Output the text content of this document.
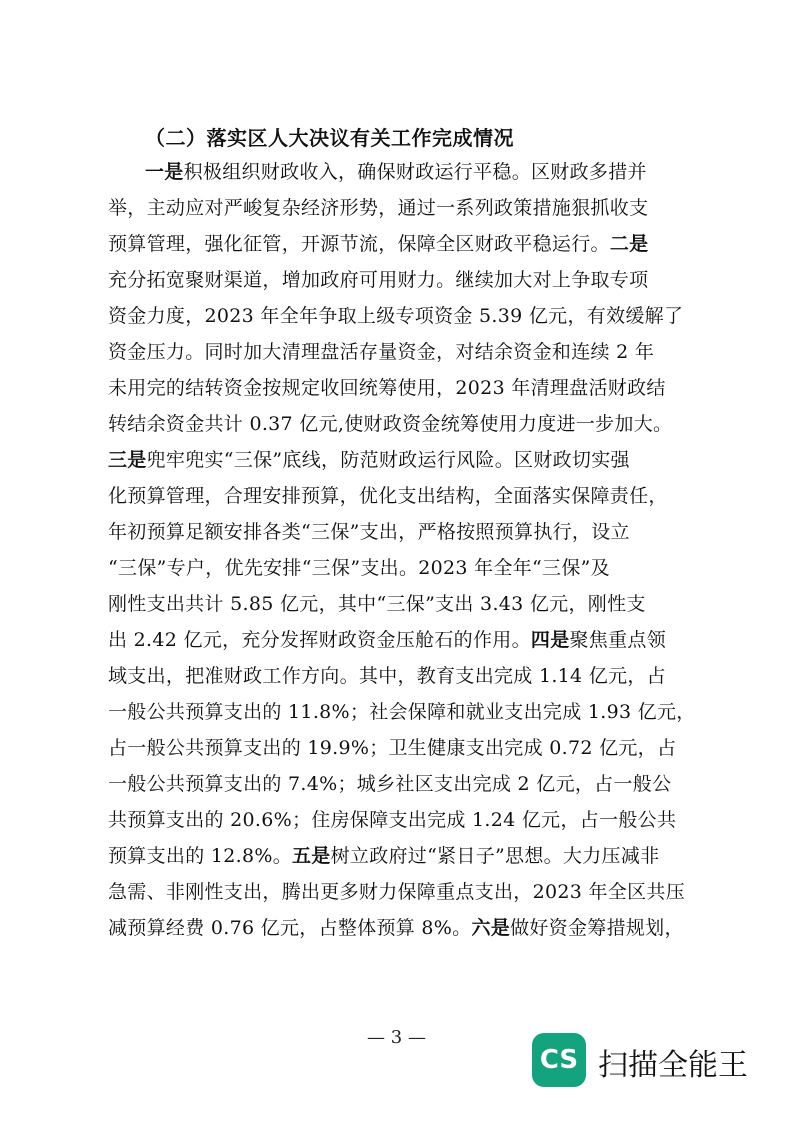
（二）落实区人大决议有关工作完成情况
一是积极组织财政收入，确保财政运行平稳。区财政多措并
举，主动应对严峻复杂经济形势，通过一系列政策措施狠抓收支
预算管理，强化征管，开源节流，保障全区财政平稳运行。二是
充分拓宽聚财渠道，增加政府可用财力。继续加大对上争取专项
资金力度，2023 年全年争取上级专项资金 5.39 亿元，有效缓解了
资金压力。同时加大清理盘活存量资金，对结余资金和连续 2 年
未用完的结转资金按规定收回统筹使用，2023 年清理盘活财政结
转结余资金共计 0.37 亿元,使财政资金统筹使用力度进一步加大。
三是兜牢兜实“三保”底线，防范财政运行风险。区财政切实强
化预算管理，合理安排预算，优化支出结构，全面落实保障责任，
年初预算足额安排各类“三保”支出，严格按照预算执行，设立
“三保”专户，优先安排“三保”支出。2023 年全年“三保”及
刚性支出共计 5.85 亿元，其中“三保”支出 3.43 亿元，刚性支
出 2.42 亿元，充分发挥财政资金压舱石的作用。四是聚焦重点领
域支出，把准财政工作方向。其中，教育支出完成 1.14 亿元，占
一般公共预算支出的 11.8%；社会保障和就业支出完成 1.93 亿元，
占一般公共预算支出的 19.9%；卫生健康支出完成 0.72 亿元，占
一般公共预算支出的 7.4%；城乡社区支出完成 2 亿元，占一般公
共预算支出的 20.6%；住房保障支出完成 1.24 亿元，占一般公共
预算支出的 12.8%。五是树立政府过“紧日子”思想。大力压减非
急需、非刚性支出，腾出更多财力保障重点支出，2023 年全区共压
减预算经费 0.76 亿元，占整体预算 8%。六是做好资金筹措规划，
— 3 —
CS 扫描全能王
